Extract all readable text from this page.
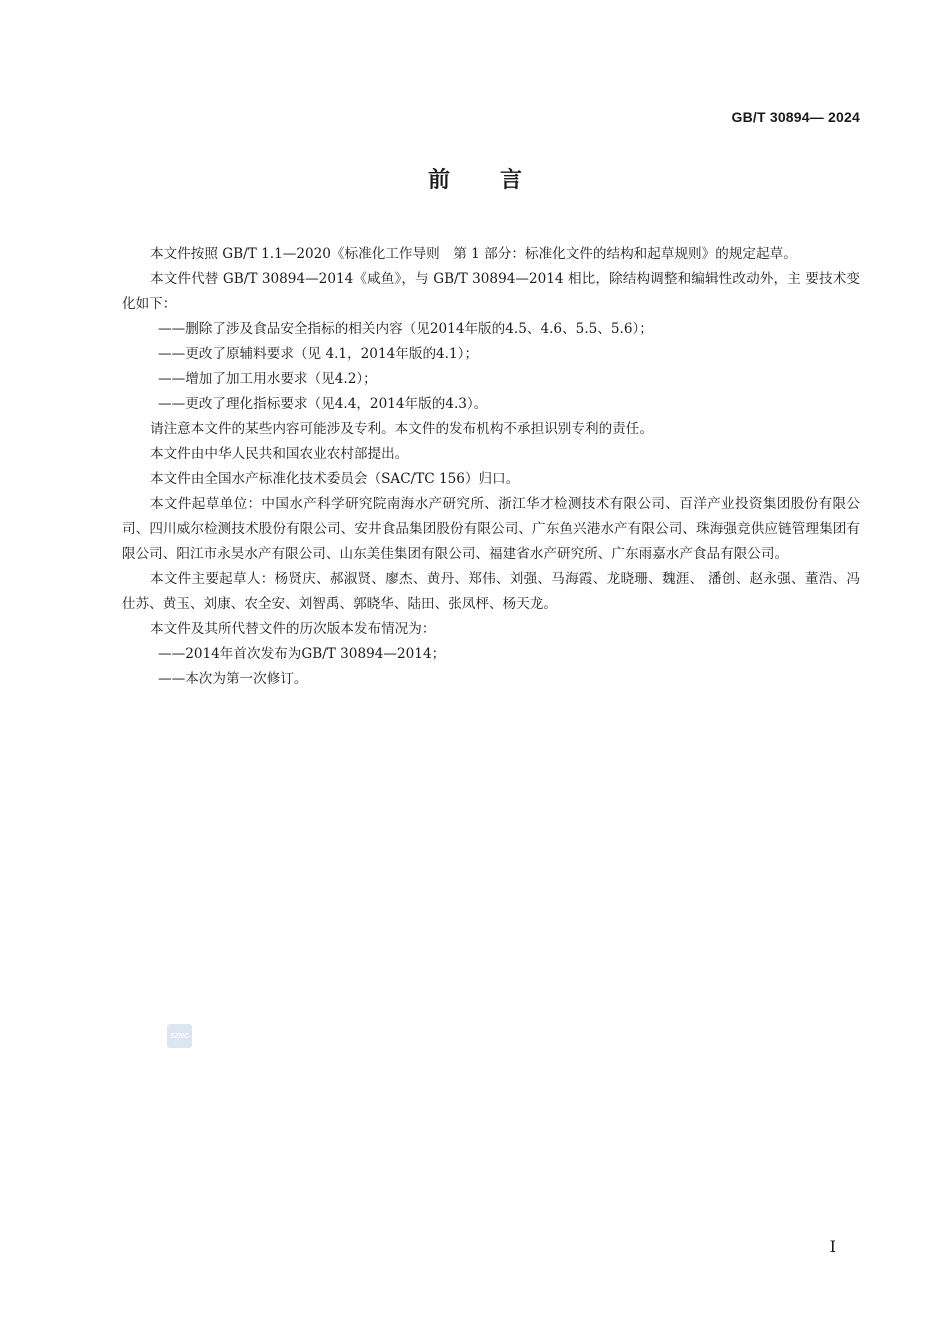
GB/T 30894— 2024
前言

本文件按照 GB/T 1.1—2020《标准化工作导则　第 1 部分：标准化文件的结构和起草规则》的规定起草。

本文件代替 GB/T 30894—2014《咸鱼》，与 GB/T 30894—2014 相比，除结构调整和编辑性改动外，主 要技术变化如下：

——删除了涉及食品安全指标的相关内容（见2014年版的4.5、4.6、5.5、5.6）；

——更改了原辅料要求（见 4.1，2014年版的4.1）；

——增加了加工用水要求（见4.2）；

——更改了理化指标要求（见4.4，2014年版的4.3）。

请注意本文件的某些内容可能涉及专利。本文件的发布机构不承担识别专利的责任。

本文件由中华人民共和国农业农村部提出。

本文件由全国水产标准化技术委员会（SAC/TC 156）归口。

本文件起草单位：中国水产科学研究院南海水产研究所、浙江华才检测技术有限公司、百洋产业投资集团股份有限公司、四川威尔检测技术股份有限公司、安井食品集团股份有限公司、广东鱼兴港水产有限公司、珠海强竞供应链管理集团有限公司、阳江市永昊水产有限公司、山东美佳集团有限公司、福建省水产研究所、广东雨嘉水产食品有限公司。

本文件主要起草人：杨贤庆、郝淑贤、廖杰、黄丹、郑伟、刘强、马海霞、龙晓珊、魏涯、 潘创、赵永强、董浩、冯仕苏、黄玉、刘康、农全安、刘智禹、郭晓华、陆田、张凤枰、杨天龙。

本文件及其所代替文件的历次版本发布情况为：

——2014年首次发布为GB/T 30894—2014；

——本次为第一次修订。

SZNC
I
